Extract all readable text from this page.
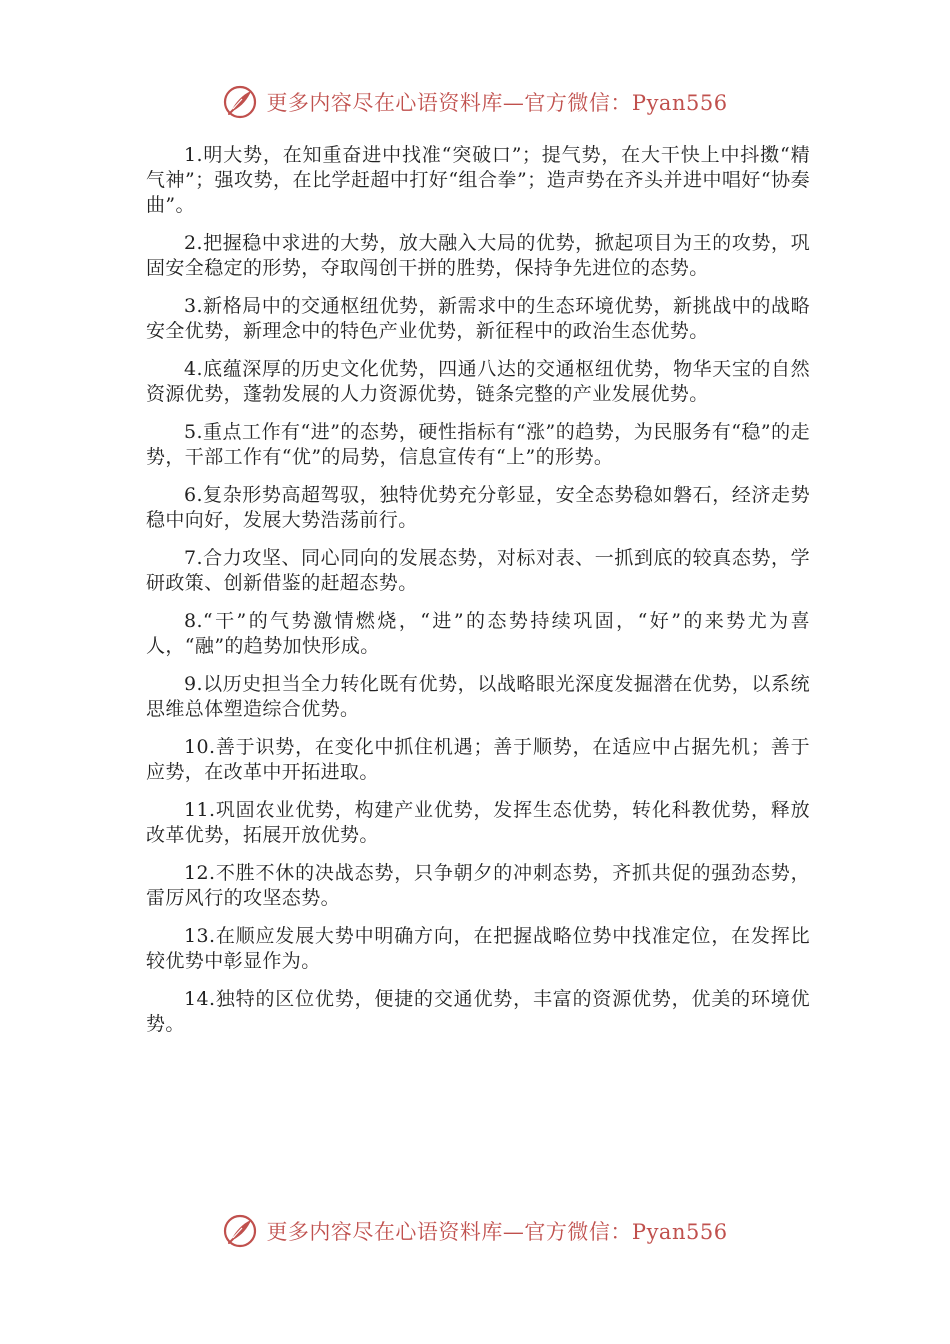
更多内容尽在心语资料库—官方微信：Pyan556

1.明大势，在知重奋进中找准“突破口”；提气势，在大干快上中抖擞“精气神”；强攻势，在比学赶超中打好“组合拳”；造声势在齐头并进中唱好“协奏曲”。

2.把握稳中求进的大势，放大融入大局的优势，掀起项目为王的攻势，巩固安全稳定的形势，夺取闯创干拼的胜势，保持争先进位的态势。

3.新格局中的交通枢纽优势，新需求中的生态环境优势，新挑战中的战略安全优势，新理念中的特色产业优势，新征程中的政治生态优势。

4.底蕴深厚的历史文化优势，四通八达的交通枢纽优势，物华天宝的自然资源优势，蓬勃发展的人力资源优势，链条完整的产业发展优势。

5.重点工作有“进”的态势，硬性指标有“涨”的趋势，为民服务有“稳”的走势，干部工作有“优”的局势，信息宣传有“上”的形势。

6.复杂形势高超驾驭，独特优势充分彰显，安全态势稳如磐石，经济走势稳中向好，发展大势浩荡前行。

7.合力攻坚、同心同向的发展态势，对标对表、一抓到底的较真态势，学研政策、创新借鉴的赶超态势。

8.“干”的气势激情燃烧，“进”的态势持续巩固，“好”的来势尤为喜人，“融”的趋势加快形成。

9.以历史担当全力转化既有优势，以战略眼光深度发掘潜在优势，以系统思维总体塑造综合优势。

10.善于识势，在变化中抓住机遇；善于顺势，在适应中占据先机；善于应势，在改革中开拓进取。

11.巩固农业优势，构建产业优势，发挥生态优势，转化科教优势，释放改革优势，拓展开放优势。

12.不胜不休的决战态势，只争朝夕的冲刺态势，齐抓共促的强劲态势，雷厉风行的攻坚态势。

13.在顺应发展大势中明确方向，在把握战略位势中找准定位，在发挥比较优势中彰显作为。

14.独特的区位优势，便捷的交通优势，丰富的资源优势，优美的环境优势。

更多内容尽在心语资料库—官方微信：Pyan556
